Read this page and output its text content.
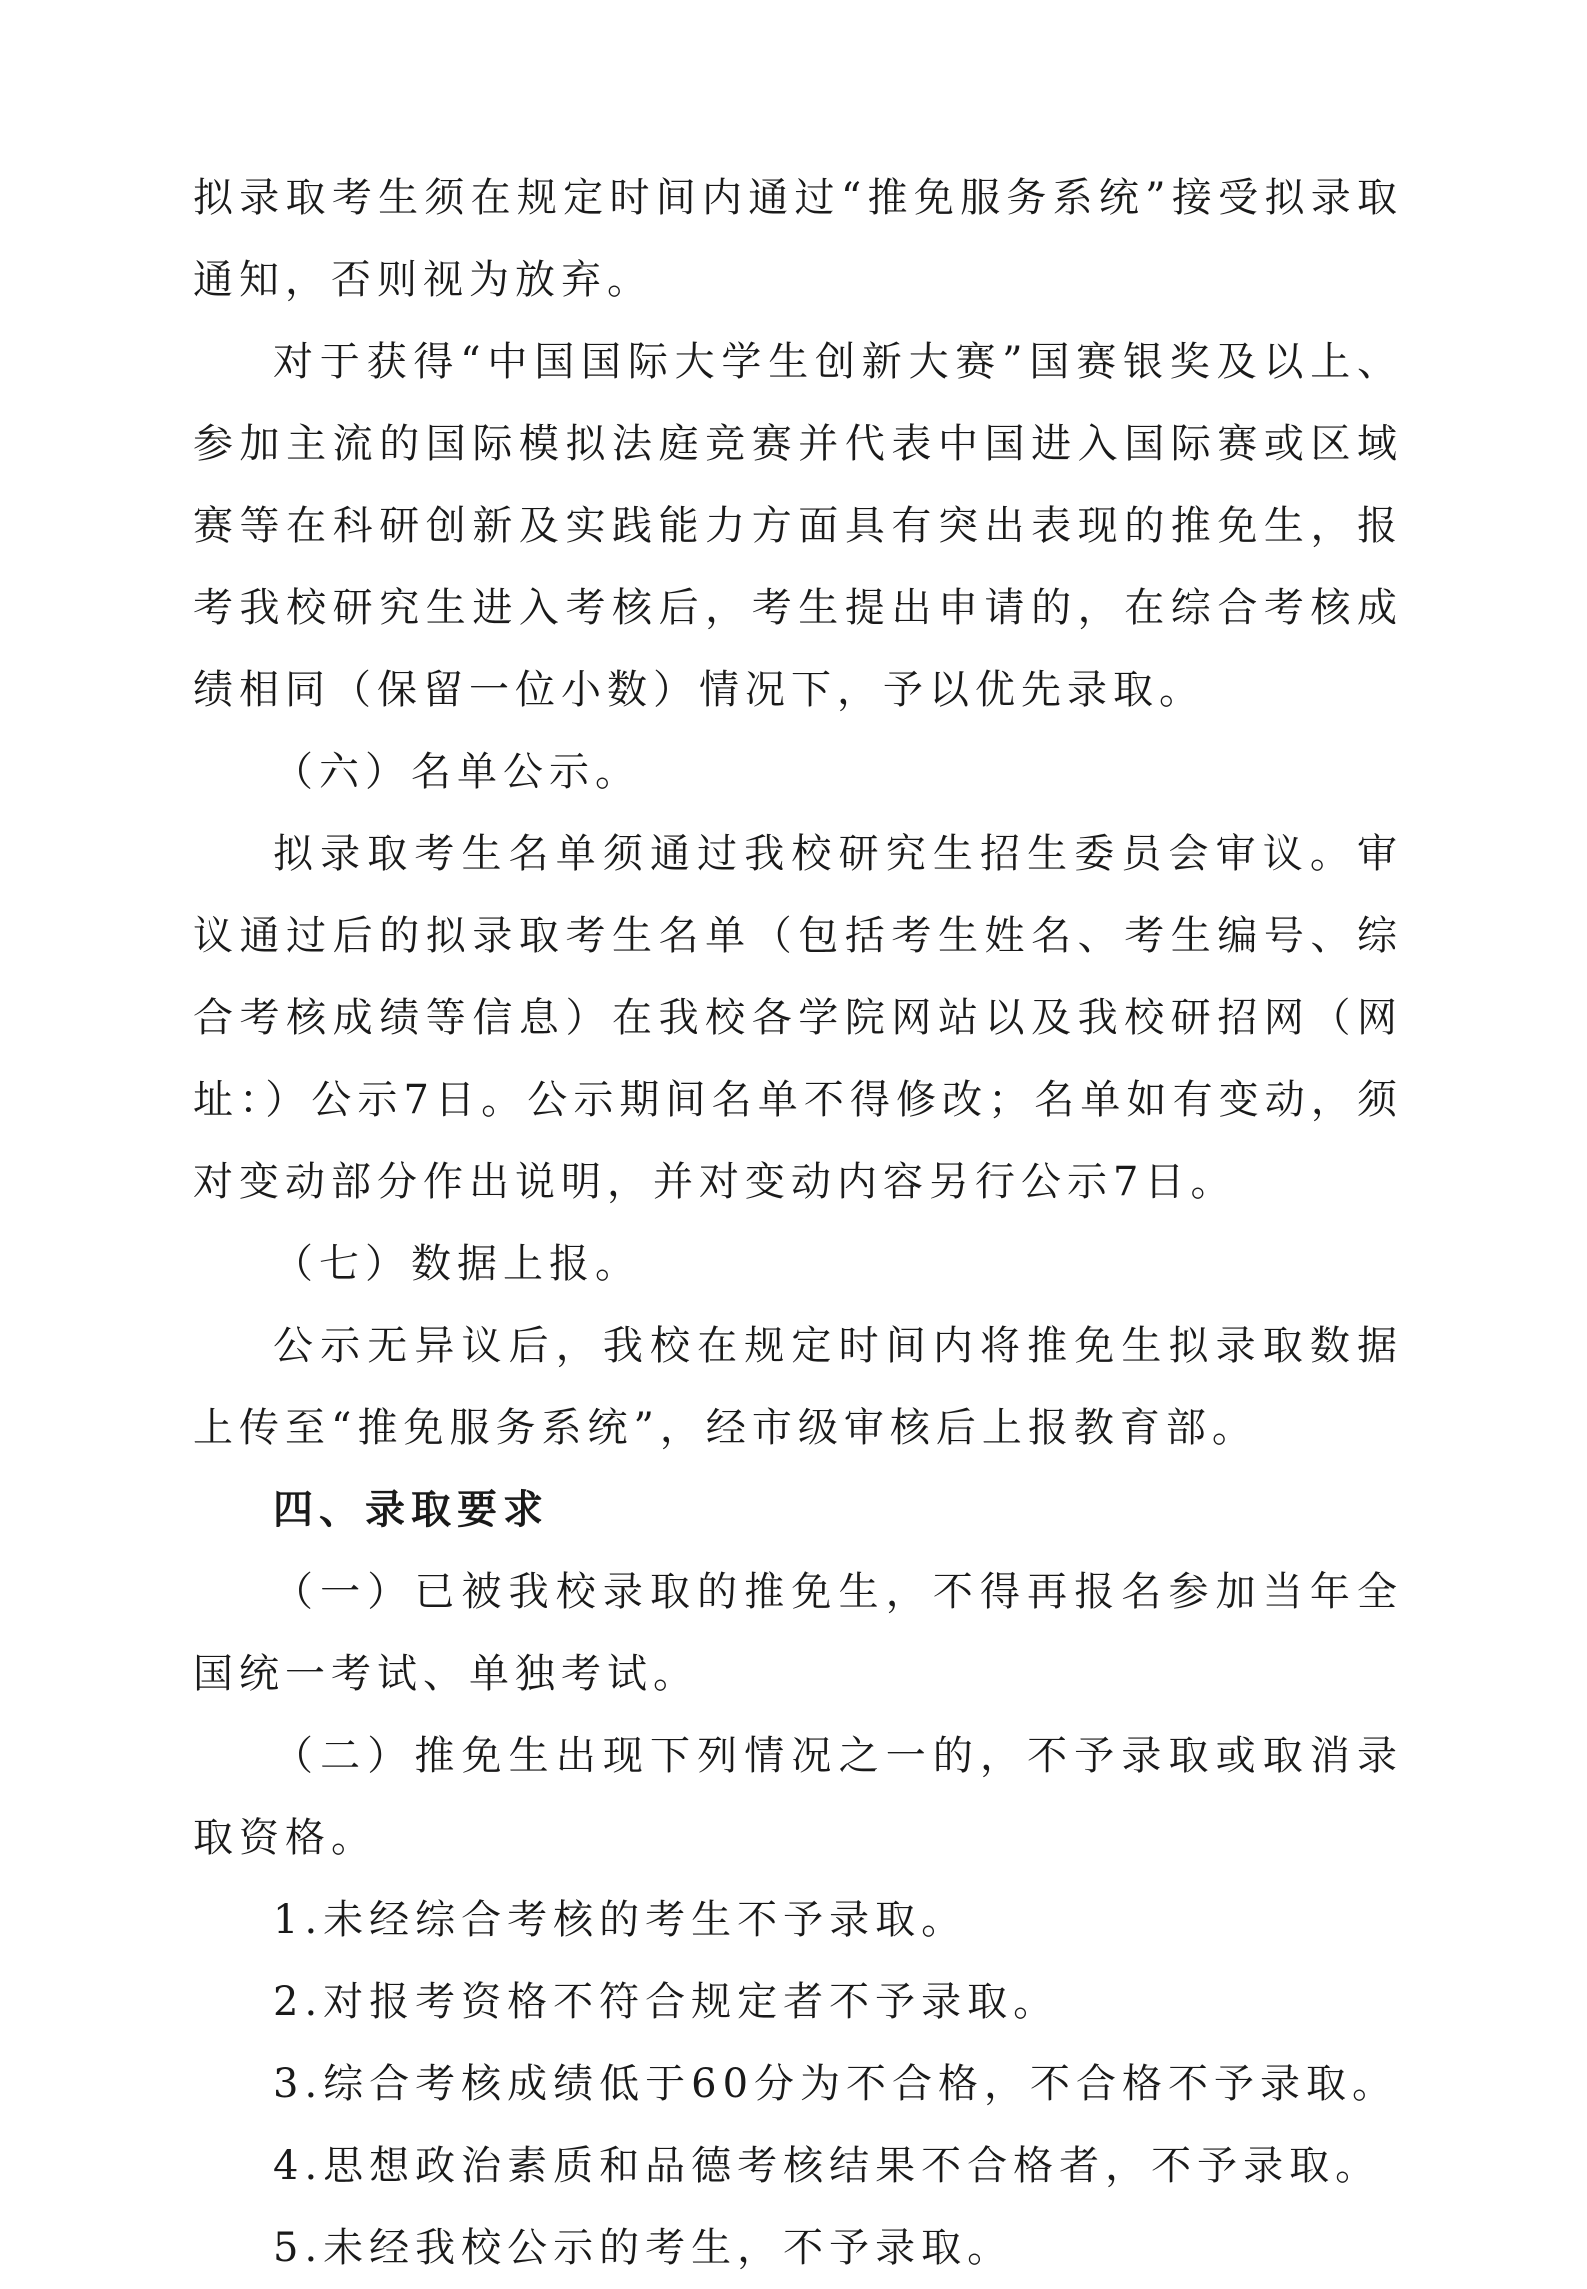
拟录取考生须在规定时间内通过“推免服务系统”接受拟录取通知，否则视为放弃。

对于获得“中国国际大学生创新大赛”国赛银奖及以上、参加主流的国际模拟法庭竞赛并代表中国进入国际赛或区域赛等在科研创新及实践能力方面具有突出表现的推免生，报考我校研究生进入考核后，考生提出申请的，在综合考核成绩相同（保留一位小数）情况下，予以优先录取。

（六）名单公示。

拟录取考生名单须通过我校研究生招生委员会审议。审议通过后的拟录取考生名单（包括考生姓名、考生编号、综合考核成绩等信息）在我校各学院网站以及我校研招网（网址：）公示7日。公示期间名单不得修改；名单如有变动，须对变动部分作出说明，并对变动内容另行公示7日。

（七）数据上报。

公示无异议后，我校在规定时间内将推免生拟录取数据上传至“推免服务系统”，经市级审核后上报教育部。

四、录取要求

（一）已被我校录取的推免生，不得再报名参加当年全国统一考试、单独考试。

（二）推免生出现下列情况之一的，不予录取或取消录取资格。

1.未经综合考核的考生不予录取。

2.对报考资格不符合规定者不予录取。

3.综合考核成绩低于60分为不合格，不合格不予录取。

4.思想政治素质和品德考核结果不合格者，不予录取。

5.未经我校公示的考生，不予录取。
